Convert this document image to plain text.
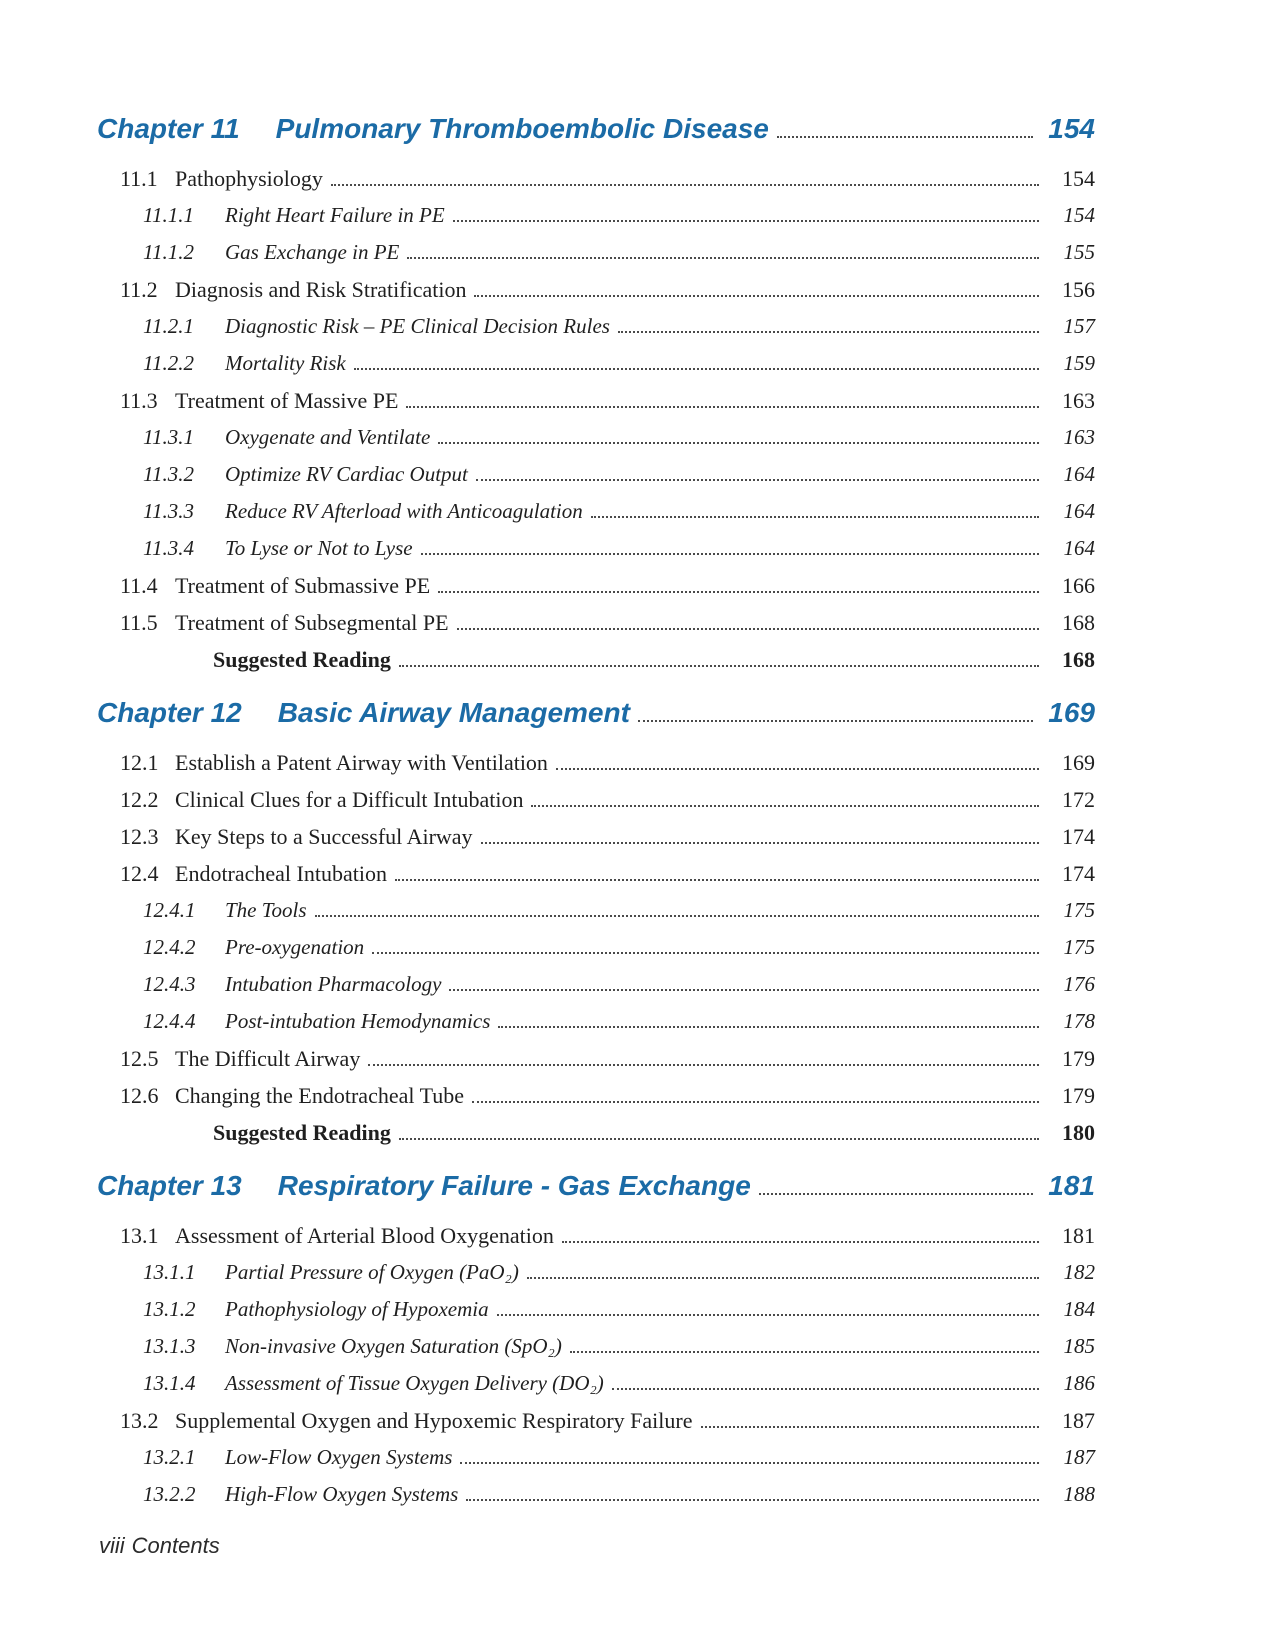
Chapter 11 Pulmonary Thromboembolic Disease	154
11.1 Pathophysiology	154
11.1.1	Right Heart Failure in PE	154
11.1.2	Gas Exchange in PE	155
11.2 Diagnosis and Risk Stratification	156
11.2.1	Diagnostic Risk – PE Clinical Decision Rules	157
11.2.2	Mortality Risk	159
11.3 Treatment of Massive PE	163
11.3.1	Oxygenate and Ventilate	163
11.3.2	Optimize RV Cardiac Output	164
11.3.3	Reduce RV Afterload with Anticoagulation	164
11.3.4	To Lyse or Not to Lyse	164
11.4 Treatment of Submassive PE	166
11.5 Treatment of Subsegmental PE	168
Suggested Reading	168
Chapter 12 Basic Airway Management	169
12.1 Establish a Patent Airway with Ventilation	169
12.2 Clinical Clues for a Difficult Intubation	172
12.3 Key Steps to a Successful Airway	174
12.4 Endotracheal Intubation	174
12.4.1	The Tools	175
12.4.2	Pre-oxygenation	175
12.4.3	Intubation Pharmacology	176
12.4.4	Post-intubation Hemodynamics	178
12.5 The Difficult Airway	179
12.6 Changing the Endotracheal Tube	179
Suggested Reading	180
Chapter 13 Respiratory Failure - Gas Exchange	181
13.1 Assessment of Arterial Blood Oxygenation	181
13.1.1	Partial Pressure of Oxygen (PaO₂)	182
13.1.2	Pathophysiology of Hypoxemia	184
13.1.3	Non-invasive Oxygen Saturation (SpO₂)	185
13.1.4	Assessment of Tissue Oxygen Delivery (DO₂)	186
13.2 Supplemental Oxygen and Hypoxemic Respiratory Failure	187
13.2.1	Low-Flow Oxygen Systems	187
13.2.2	High-Flow Oxygen Systems	188
viii Contents
